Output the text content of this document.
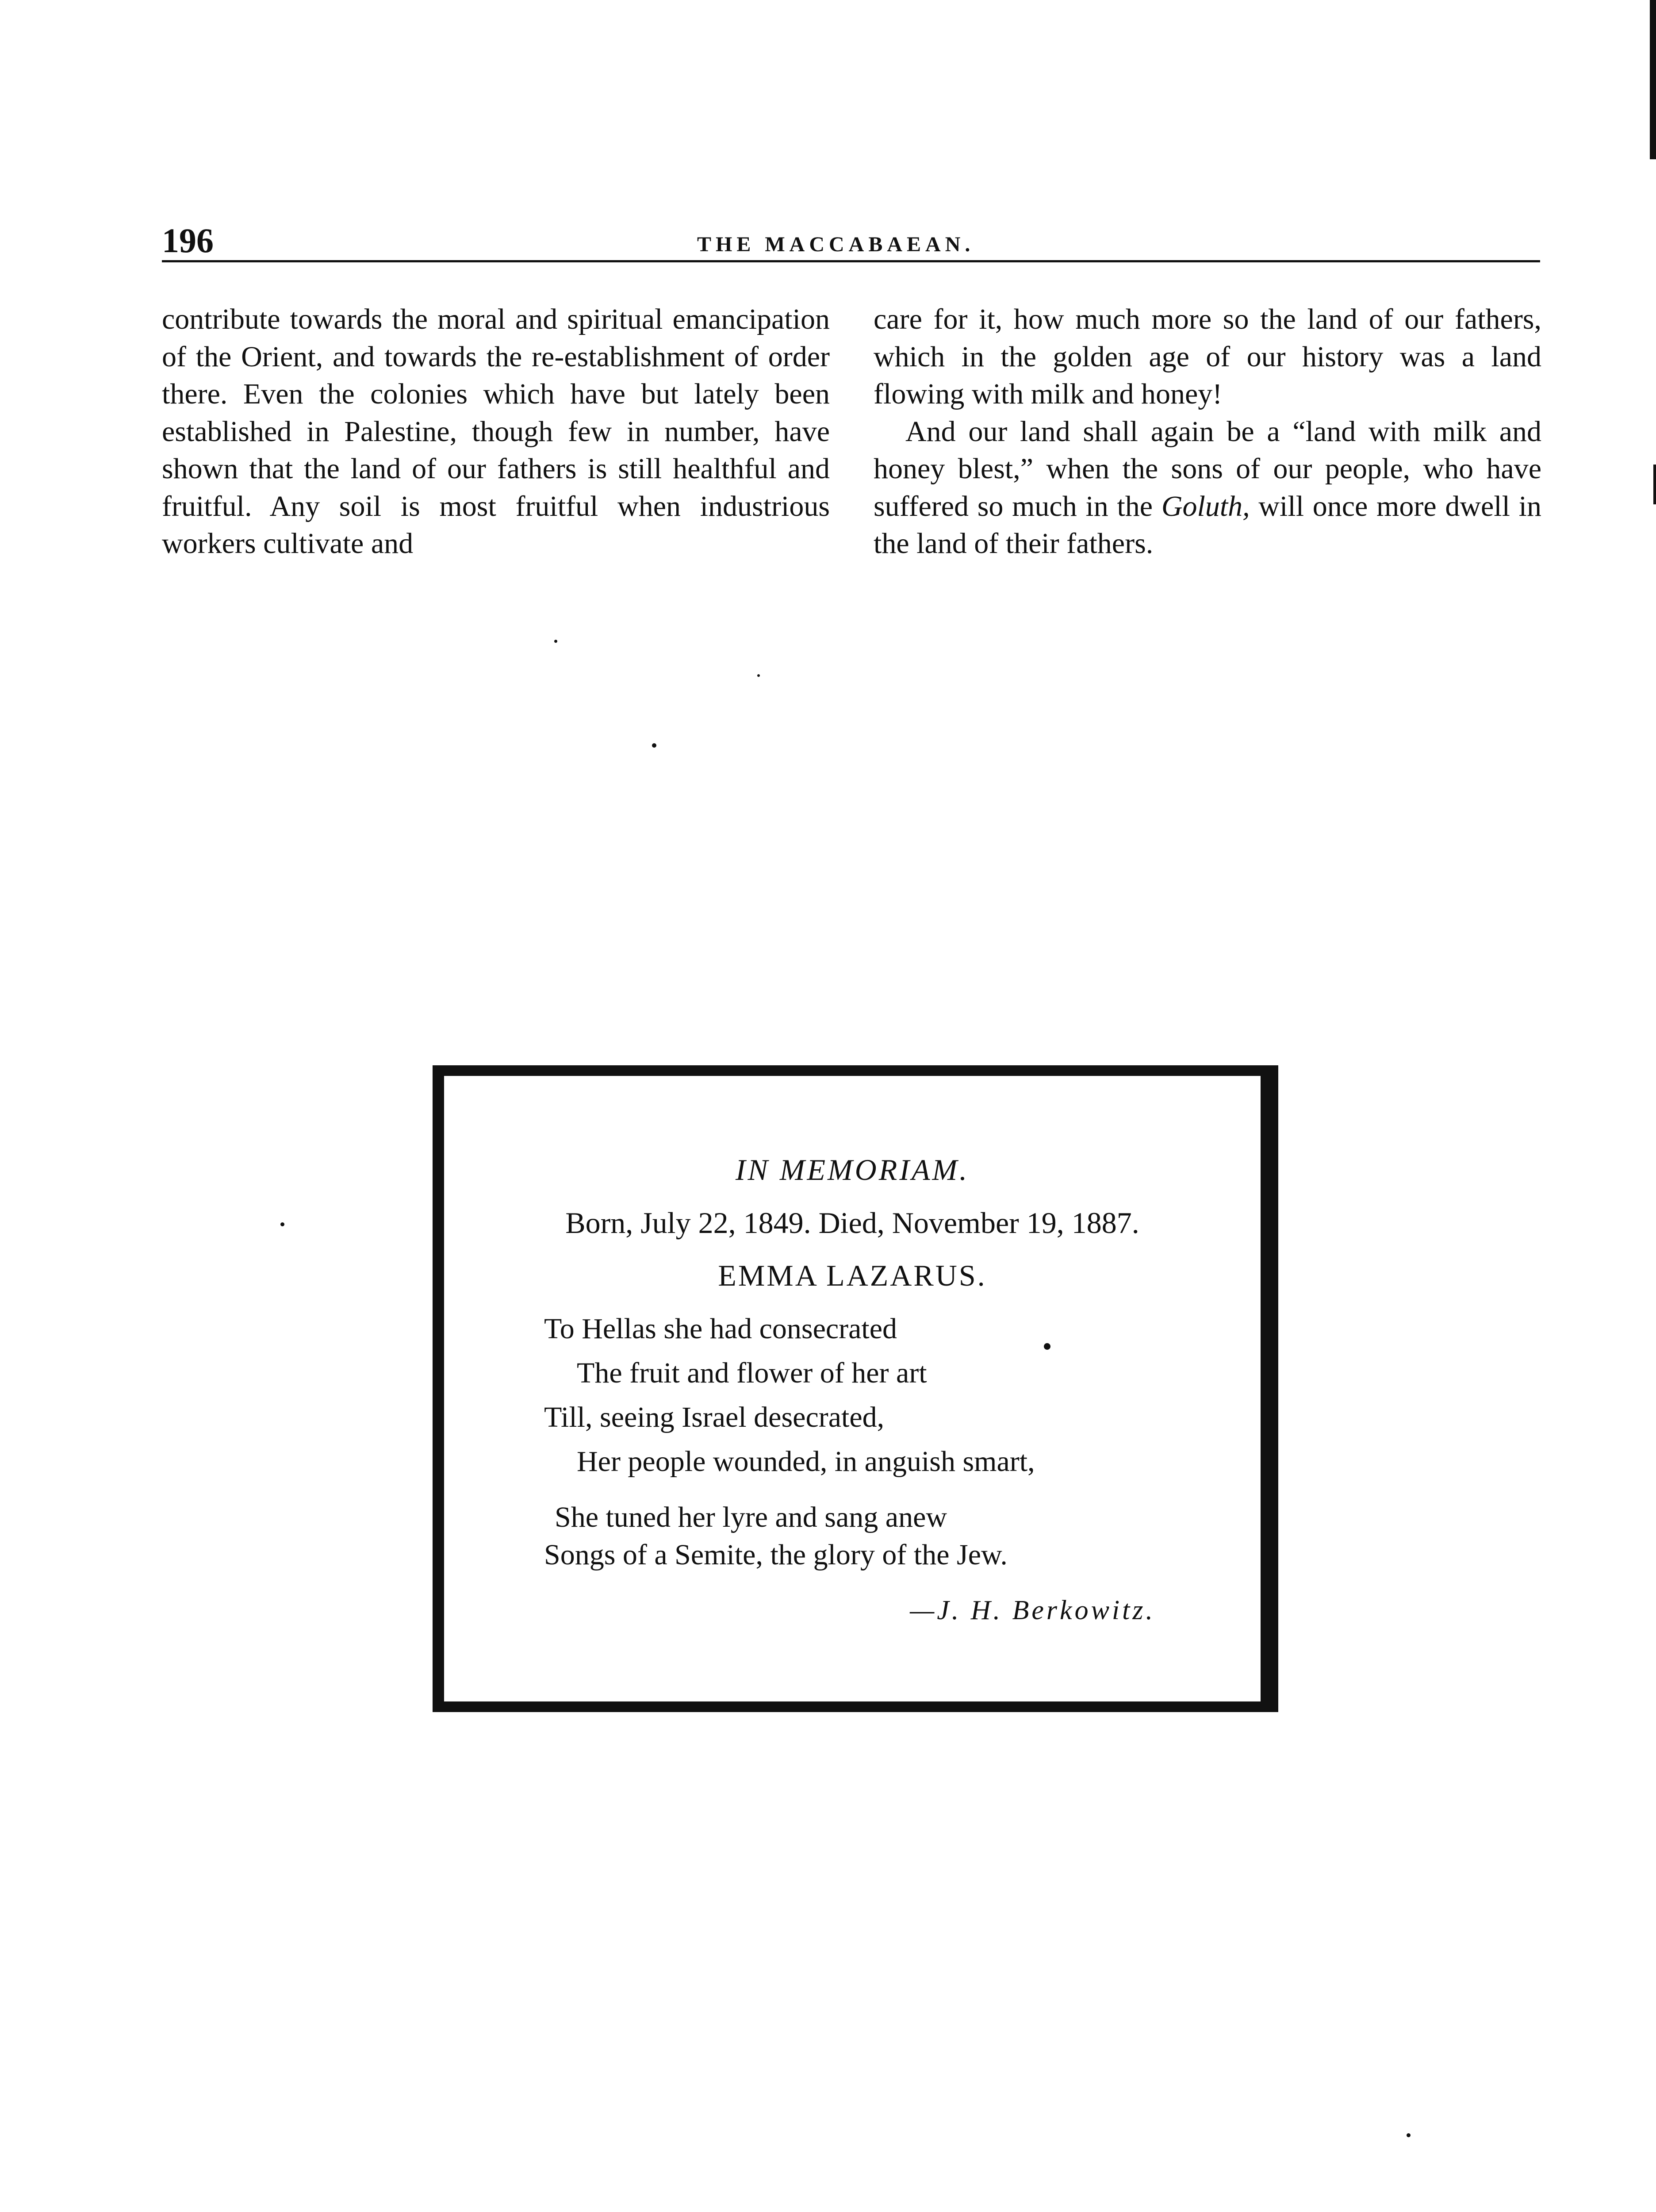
196	THE MACCABAEAN.

contribute towards the moral and spiritual emancipation of the Orient, and towards the re-establishment of order there. Even the colonies which have but lately been established in Palestine, though few in number, have shown that the land of our fathers is still healthful and fruitful. Any soil is most fruitful when industrious workers cultivate and

care for it, how much more so the land of our fathers, which in the golden age of our history was a land flowing with milk and honey!

And our land shall again be a “land with milk and honey blest,” when the sons of our people, who have suffered so much in the Goluth, will once more dwell in the land of their fathers.

IN MEMORIAM.
Born, July 22, 1849. Died, November 19, 1887.
EMMA LAZARUS.
To Hellas she had consecrated
The fruit and flower of her art
Till, seeing Israel desecrated,
Her people wounded, in anguish smart,
She tuned her lyre and sang anew
Songs of a Semite, the glory of the Jew.
—J. H. Berkowitz.
